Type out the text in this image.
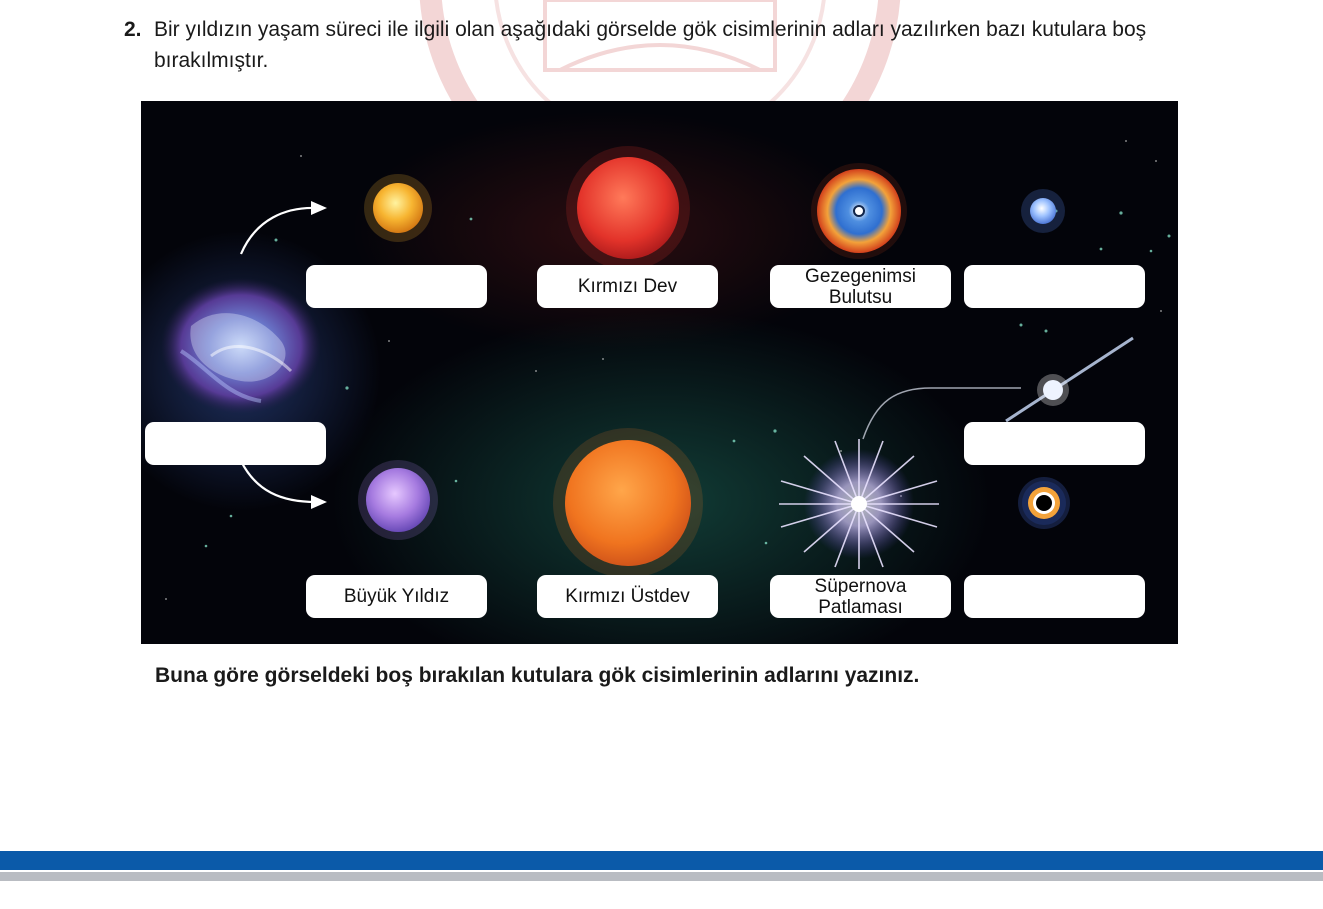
2. Bir yıldızın yaşam süreci ile ilgili olan aşağıdaki görselde gök cisimlerinin adları yazılırken bazı kutulara boş bırakılmıştır.
Kırmızı Dev	Gezegenimsi Bulutsu
Büyük Yıldız	Kırmızı Üstdev	Süpernova Patlaması
Buna göre görseldeki boş bırakılan kutulara gök cisimlerinin adlarını yazınız.
